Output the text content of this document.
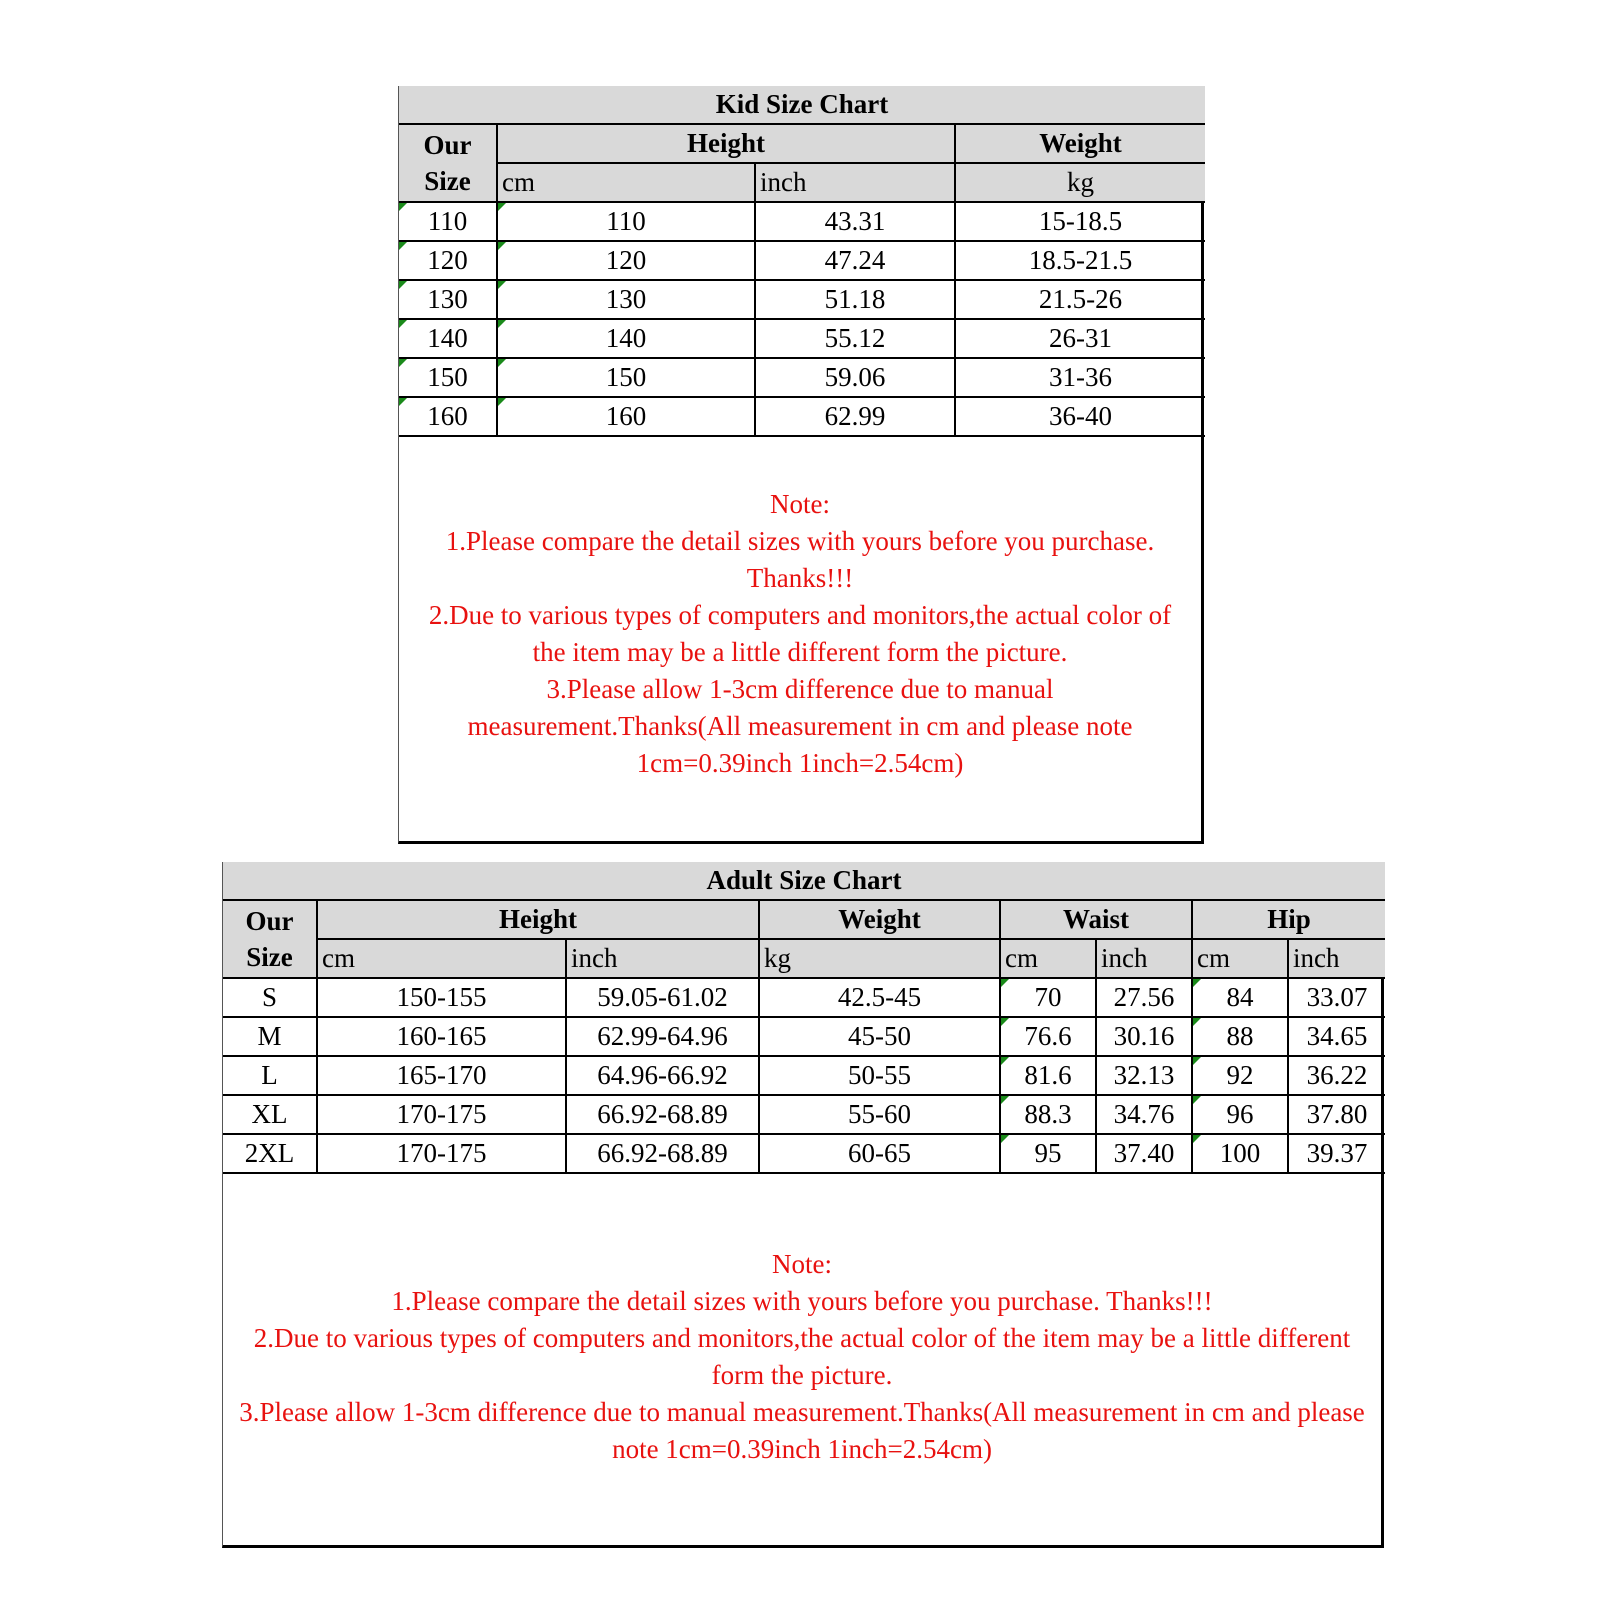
Kid Size Chart			
Our
Size	Height		Weight
	cm	inch	kg
110	110	43.31	15-18.5
120	120	47.24	18.5-21.5
130	130	51.18	21.5-26
140	140	55.12	26-31
150	150	59.06	31-36
160	160	62.99	36-40

Note:

1.Please compare the detail sizes with yours before you purchase.

Thanks!!!

2.Due to various types of computers and monitors,the actual color of

the item may be a little different form the picture.

3.Please allow 1-3cm difference due to manual

measurement.Thanks(All measurement in cm and please note

1cm=0.39inch 1inch=2.54cm)

Adult Size Chart							
Our
Size	Height		Weight	Waist		Hip	
	cm	inch	kg	cm	inch	cm	inch
S	150-155	59.05-61.02	42.5-45	70	27.56	84	33.07
M	160-165	62.99-64.96	45-50	76.6	30.16	88	34.65
L	165-170	64.96-66.92	50-55	81.6	32.13	92	36.22
XL	170-175	66.92-68.89	55-60	88.3	34.76	96	37.80
2XL	170-175	66.92-68.89	60-65	95	37.40	100	39.37

Note:

1.Please compare the detail sizes with yours before you purchase. Thanks!!!

2.Due to various types of computers and monitors,the actual color of the item may be a little different

form the picture.

3.Please allow 1-3cm difference due to manual measurement.Thanks(All measurement in cm and please

note 1cm=0.39inch 1inch=2.54cm)
